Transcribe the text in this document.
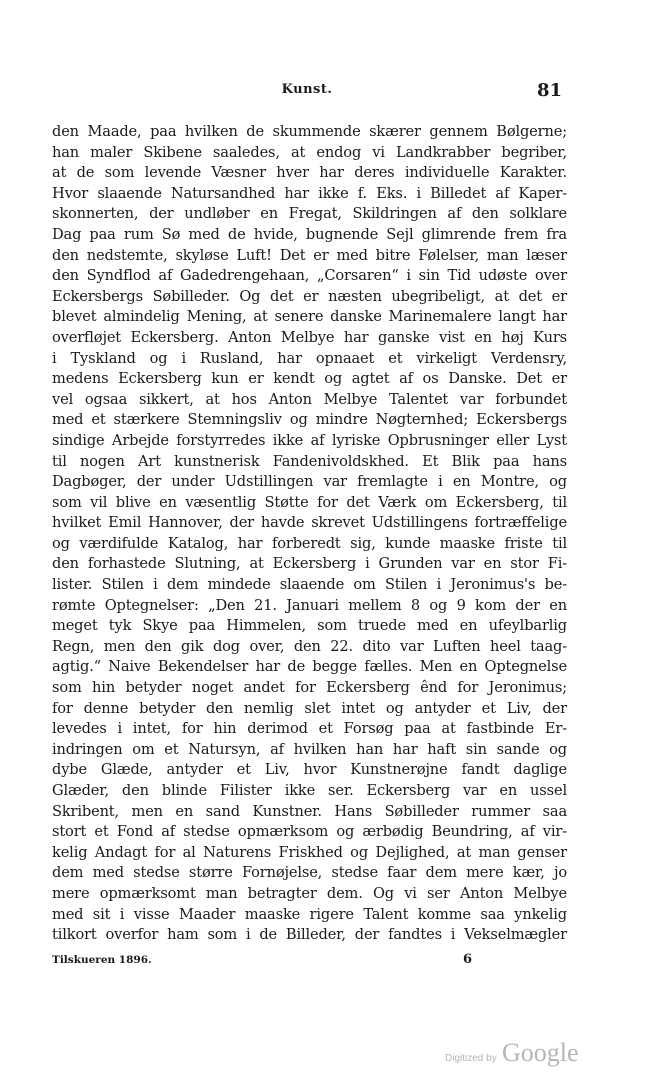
Kunst.	81
den Maade, paa hvilken de skummende skærer gennem Bølgerne;
han maler Skibene saaledes, at endog vi Landkrabber begriber,
at de som levende Væsner hver har deres individuelle Karakter.
Hvor slaaende Natursandhed har ikke f. Eks. i Billedet af Kaper-
skonnerten, der undløber en Fregat, Skildringen af den solklare
Dag paa rum Sø med de hvide, bugnende Sejl glimrende frem fra
den nedstemte, skyløse Luft! Det er med bitre Følelser, man læser
den Syndflod af Gadedrengehaan, „Corsaren“ i sin Tid udøste over
Eckersbergs Søbilleder. Og det er næsten ubegribeligt, at det er
blevet almindelig Mening, at senere danske Marinemalere langt har
overfløjet Eckersberg. Anton Melbye har ganske vist en høj Kurs
i Tyskland og i Rusland, har opnaaet et virkeligt Verdensry,
medens Eckersberg kun er kendt og agtet af os Danske. Det er
vel ogsaa sikkert, at hos Anton Melbye Talentet var forbundet
med et stærkere Stemningsliv og mindre Nøgternhed; Eckersbergs
sindige Arbejde forstyrredes ikke af lyriske Opbrusninger eller Lyst
til nogen Art kunstnerisk Fandenivoldskhed. Et Blik paa hans
Dagbøger, der under Udstillingen var fremlagte i en Montre, og
som vil blive en væsentlig Støtte for det Værk om Eckersberg, til
hvilket Emil Hannover, der havde skrevet Udstillingens fortræffelige
og værdifulde Katalog, har forberedt sig, kunde maaske friste til
den forhastede Slutning, at Eckersberg i Grunden var en stor Fi-
lister. Stilen i dem mindede slaaende om Stilen i Jeronimus's be-
rømte Optegnelser: „Den 21. Januari mellem 8 og 9 kom der en
meget tyk Skye paa Himmelen, som truede med en ufeylbarlig
Regn, men den gik dog over, den 22. dito var Luften heel taag-
agtig.“ Naive Bekendelser har de begge fælles. Men en Optegnelse
som hin betyder noget andet for Eckersberg ênd for Jeronimus;
for denne betyder den nemlig slet intet og antyder et Liv, der
levedes i intet, for hin derimod et Forsøg paa at fastbinde Er-
indringen om et Natursyn, af hvilken han har haft sin sande og
dybe Glæde, antyder et Liv, hvor Kunstnerøjne fandt daglige
Glæder, den blinde Filister ikke ser. Eckersberg var en ussel
Skribent, men en sand Kunstner. Hans Søbilleder rummer saa
stort et Fond af stedse opmærksom og ærbødig Beundring, af vir-
kelig Andagt for al Naturens Friskhed og Dejlighed, at man genser
dem med stedse større Fornøjelse, stedse faar dem mere kær, jo
mere opmærksomt man betragter dem. Og vi ser Anton Melbye
med sit i visse Maader maaske rigere Talent komme saa ynkelig
tilkort overfor ham som i de Billeder, der fandtes i Vekselmægler
Tilskueren 1896.	6
Digitized by Google
